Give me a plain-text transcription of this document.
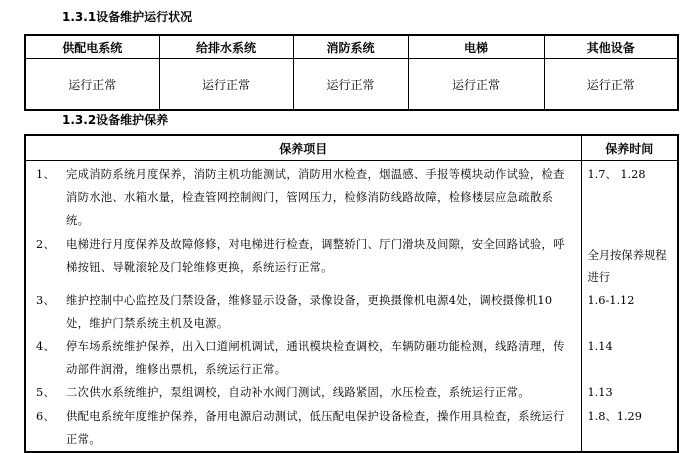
1.3.1设备维护运行状况
供配电系统	给排水系统	消防系统	电梯	其他设备
运行正常	运行正常	运行正常	运行正常	运行正常
1.3.2设备维护保养
保养项目	保养时间

1、 完成消防系统月度保养，消防主机功能测试，消防用水检查，烟温感、手报等模块动作试验，检查消防水池、水箱水量，检查管网控制阀门，管网压力，检修消防线路故障，检修楼层应急疏散系统。	1.7、 1.28

2、 电梯进行月度保养及故障修修，对电梯进行检查，调整轿门、厅门滑块及间隙，安全回路试验，呼梯按钮、导靴滚轮及门轮维修更换，系统运行正常。	全月按保养规程进行

3、 维护控制中心监控及门禁设备，维修显示设备，录像设备，更换摄像机电源4处，调校摄像机10处，维护门禁系统主机及电源。	1.6-1.12

4、 停车场系统维护保养，出入口道闸机调试，通讯模块检查调校，车辆防砸功能检测，线路清理，传动部件润滑，维修出票机，系统运行正常。	1.14

5、 二次供水系统维护，泵组调校，自动补水阀门测试，线路紧固，水压检查，系统运行正常。	1.13

6、 供配电系统年度维护保养，备用电源启动测试，低压配电保护设备检查，操作用具检查，系统运行正常。	1.8、1.29
